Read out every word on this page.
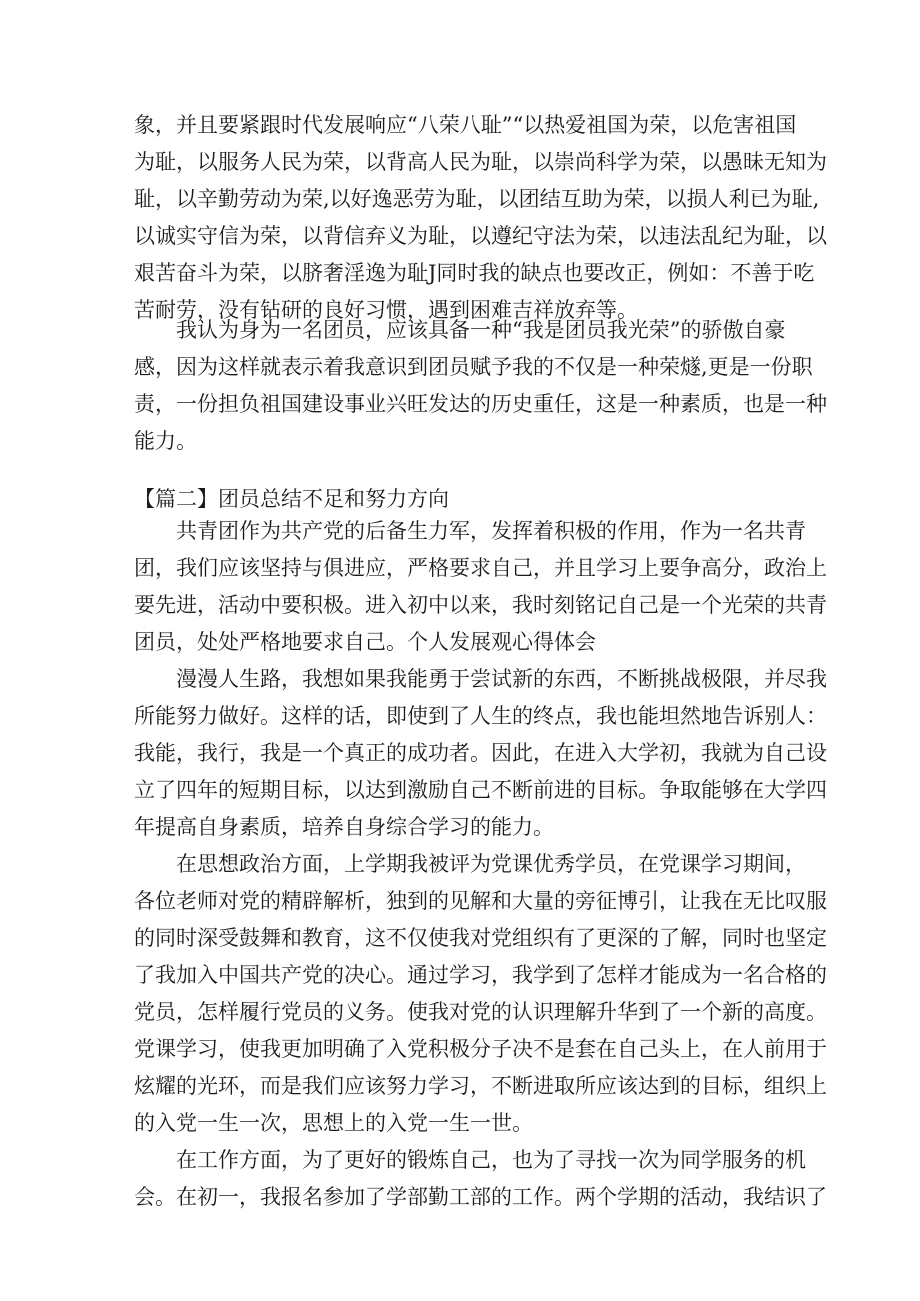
象，并且要紧跟时代发展响应“八荣八耻”“以热爱祖国为荣，以危害祖国

为耻，以服务人民为荣，以背高人民为耻，以崇尚科学为荣，以愚昧无知为

耻，以辛勤劳动为荣,以好逸恶劳为耻，以团结互助为荣，以损人利已为耻,

以诚实守信为荣，以背信弃义为耻，以遵纪守法为荣，以违法乱纪为耻，以

艰苦奋斗为荣，以脐奢淫逸为耻J同时我的缺点也要改正，例如：不善于吃

苦耐劳，没有钻研的良好习惯，遇到困难吉祥放弃等。

我认为身为一名团员，应该具备一种“我是团员我光荣”的骄傲自豪

感，因为这样就表示着我意识到团员赋予我的不仅是一种荣燧,更是一份职

责，一份担负祖国建设事业兴旺发达的历史重任，这是一种素质，也是一种

能力。

【篇二】团员总结不足和努力方向

共青团作为共产党的后备生力军，发挥着积极的作用，作为一名共青

团，我们应该坚持与俱进应，严格要求自己，并且学习上要争高分，政治上

要先进，活动中要积极。进入初中以来，我时刻铭记自己是一个光荣的共青

团员，处处严格地要求自己。个人发展观心得体会

漫漫人生路，我想如果我能勇于尝试新的东西，不断挑战极限，并尽我

所能努力做好。这样的话，即使到了人生的终点，我也能坦然地告诉别人：

我能，我行，我是一个真正的成功者。因此，在进入大学初，我就为自己设

立了四年的短期目标，以达到激励自己不断前进的目标。争取能够在大学四

年提高自身素质，培养自身综合学习的能力。

在思想政治方面，上学期我被评为党课优秀学员，在党课学习期间，

各位老师对党的精辟解析，独到的见解和大量的旁征博引，让我在无比叹服

的同时深受鼓舞和教育，这不仅使我对党组织有了更深的了解，同时也坚定

了我加入中国共产党的决心。通过学习，我学到了怎样才能成为一名合格的

党员，怎样履行党员的义务。使我对党的认识理解升华到了一个新的高度。

党课学习，使我更加明确了入党积极分子决不是套在自己头上，在人前用于

炫耀的光环，而是我们应该努力学习，不断进取所应该达到的目标，组织上

的入党一生一次，思想上的入党一生一世。

在工作方面，为了更好的锻炼自己，也为了寻找一次为同学服务的机

会。在初一，我报名参加了学部勤工部的工作。两个学期的活动，我结识了
